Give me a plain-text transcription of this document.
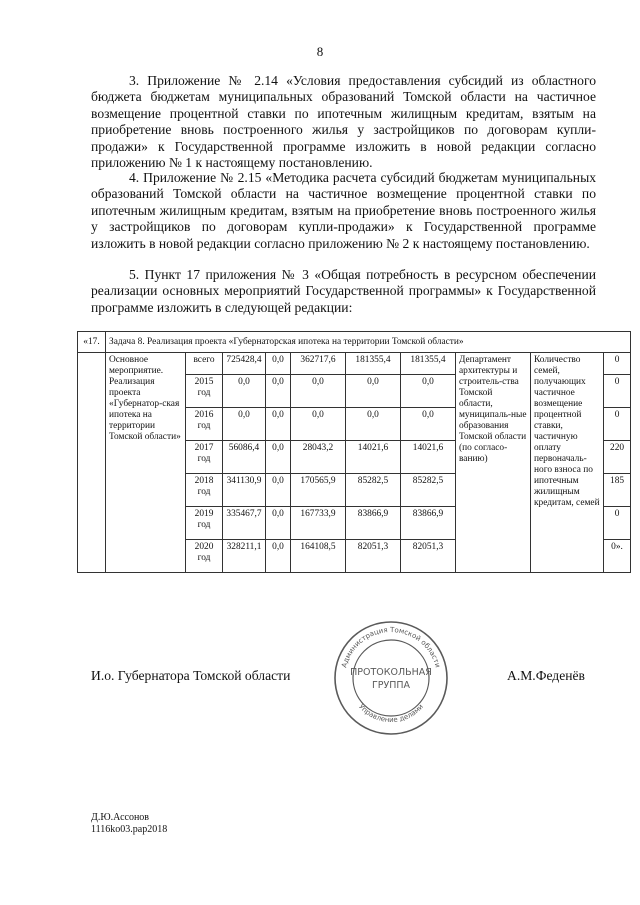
8
3. Приложение № 2.14 «Условия предоставления субсидий из областного бюджета бюджетам муниципальных образований Томской области на частичное возмещение процентной ставки по ипотечным жилищным кредитам, взятым на приобретение вновь построенного жилья у застройщиков по договорам купли-продажи» к Государственной программе изложить в новой редакции согласно приложению № 1 к настоящему постановлению.
4. Приложение № 2.15 «Методика расчета субсидий бюджетам муниципальных образований Томской области на частичное возмещение процентной ставки по ипотечным жилищным кредитам, взятым на приобретение вновь построенного жилья у застройщиков по договорам купли-продажи» к Государственной программе изложить в новой редакции согласно приложению № 2 к настоящему постановлению.
5. Пункт 17 приложения № 3 «Общая потребность в ресурсном обеспечении реализации основных мероприятий Государственной программы» к Государственной программе изложить в следующей редакции:
«17.	Задача 8. Реализация проекта «Губернаторская ипотека на территории Томской области»									
	Основное мероприятие. Реализация проекта «Губернатор-ская ипотека на территории Томской области»	всего	725428,4	0,0	362717,6	181355,4	181355,4	Департамент архитектуры и строитель-ства Томской области, муниципаль-ные образования Томской области (по согласо-ванию)	Количество семей, получающих частичное возмещение процентной ставки, частичную оплату первоначаль-ного взноса по ипотечным жилищным кредитам, семей	0
		2015 год	0,0	0,0	0,0	0,0	0,0			0
		2016 год	0,0	0,0	0,0	0,0	0,0			0
		2017 год	56086,4	0,0	28043,2	14021,6	14021,6			220
		2018 год	341130,9	0,0	170565,9	85282,5	85282,5			185
		2019 год	335467,7	0,0	167733,9	83866,9	83866,9			0
		2020 год	328211,1	0,0	164108,5	82051,3	82051,3			0».
И.о. Губернатора Томской области	А.М.Феденёв
Администрация Томской области
Управление делами
ПРОТОКОЛЬНАЯ
ГРУППА
Д.Ю.Ассонов
1116ko03.pap2018
